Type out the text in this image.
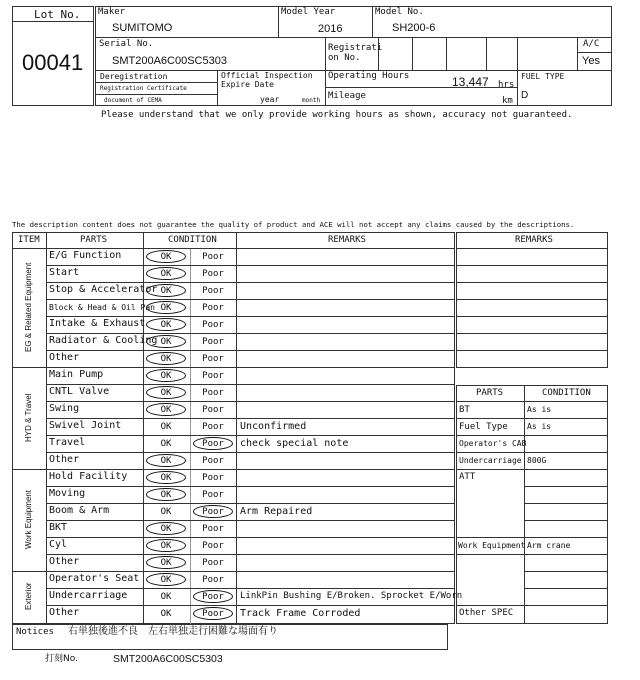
Lot No.
00041
Maker
SUMITOMO
Model Year
2016
Model No.
SH200-6
Serial No.
SMT200A6C00SC5303
Registrati
on No.
A/C
Yes
Deregistration
Registration Certificate
document of CEMA
Official Inspection
Expire Date
year	month
Operating Hours	13,447 hrs
Mileage	km
FUEL TYPE
D
Please understand that we only provide working hours as shown, accuracy not guaranteed.
The description content does not guarantee the quality of product and ACE will not accept any claims caused by the descriptions.
ITEM	PARTS	CONDITION	REMARKS
E/G Function	OK	Poor
Start	OK	Poor
Stop & Accelerator OK	Poor
Block & Head & Oil Pan OK	Poor
Intake & Exhaust	OK	Poor
Radiator & Cooling OK	Poor
Other	OK	Poor
EG & Related Equipment
Main Pump	OK	Poor
CNTL Valve	OK	Poor
Swing	OK	Poor
Swivel Joint	OK	Poor	Unconfirmed
Travel	OK	Poor	check special note
Other	OK	Poor
HYD & Travel
Hold Facility	OK	Poor
Moving	OK	Poor
Boom & Arm	OK	Poor	Arm Repaired
BKT	OK	Poor
Cyl	OK	Poor
Other	OK	Poor
Work Equipment
Operator's Seat	OK	Poor
Undercarriage	OK	Poor	LinkPin Bushing E/Broken. Sprocket E/Worn
Other	OK	Poor	Track Frame Corroded
Exterior
REMARKS
PARTS	CONDITION
BT	As is
Fuel Type As is
Operator's CAB
Undercarriage 800G
ATT
Work Equipment Arm crane
Other SPEC
Notices 右単独後進不良　左右単独走行困難な場面有り
打刻No.	SMT200A6C00SC5303
